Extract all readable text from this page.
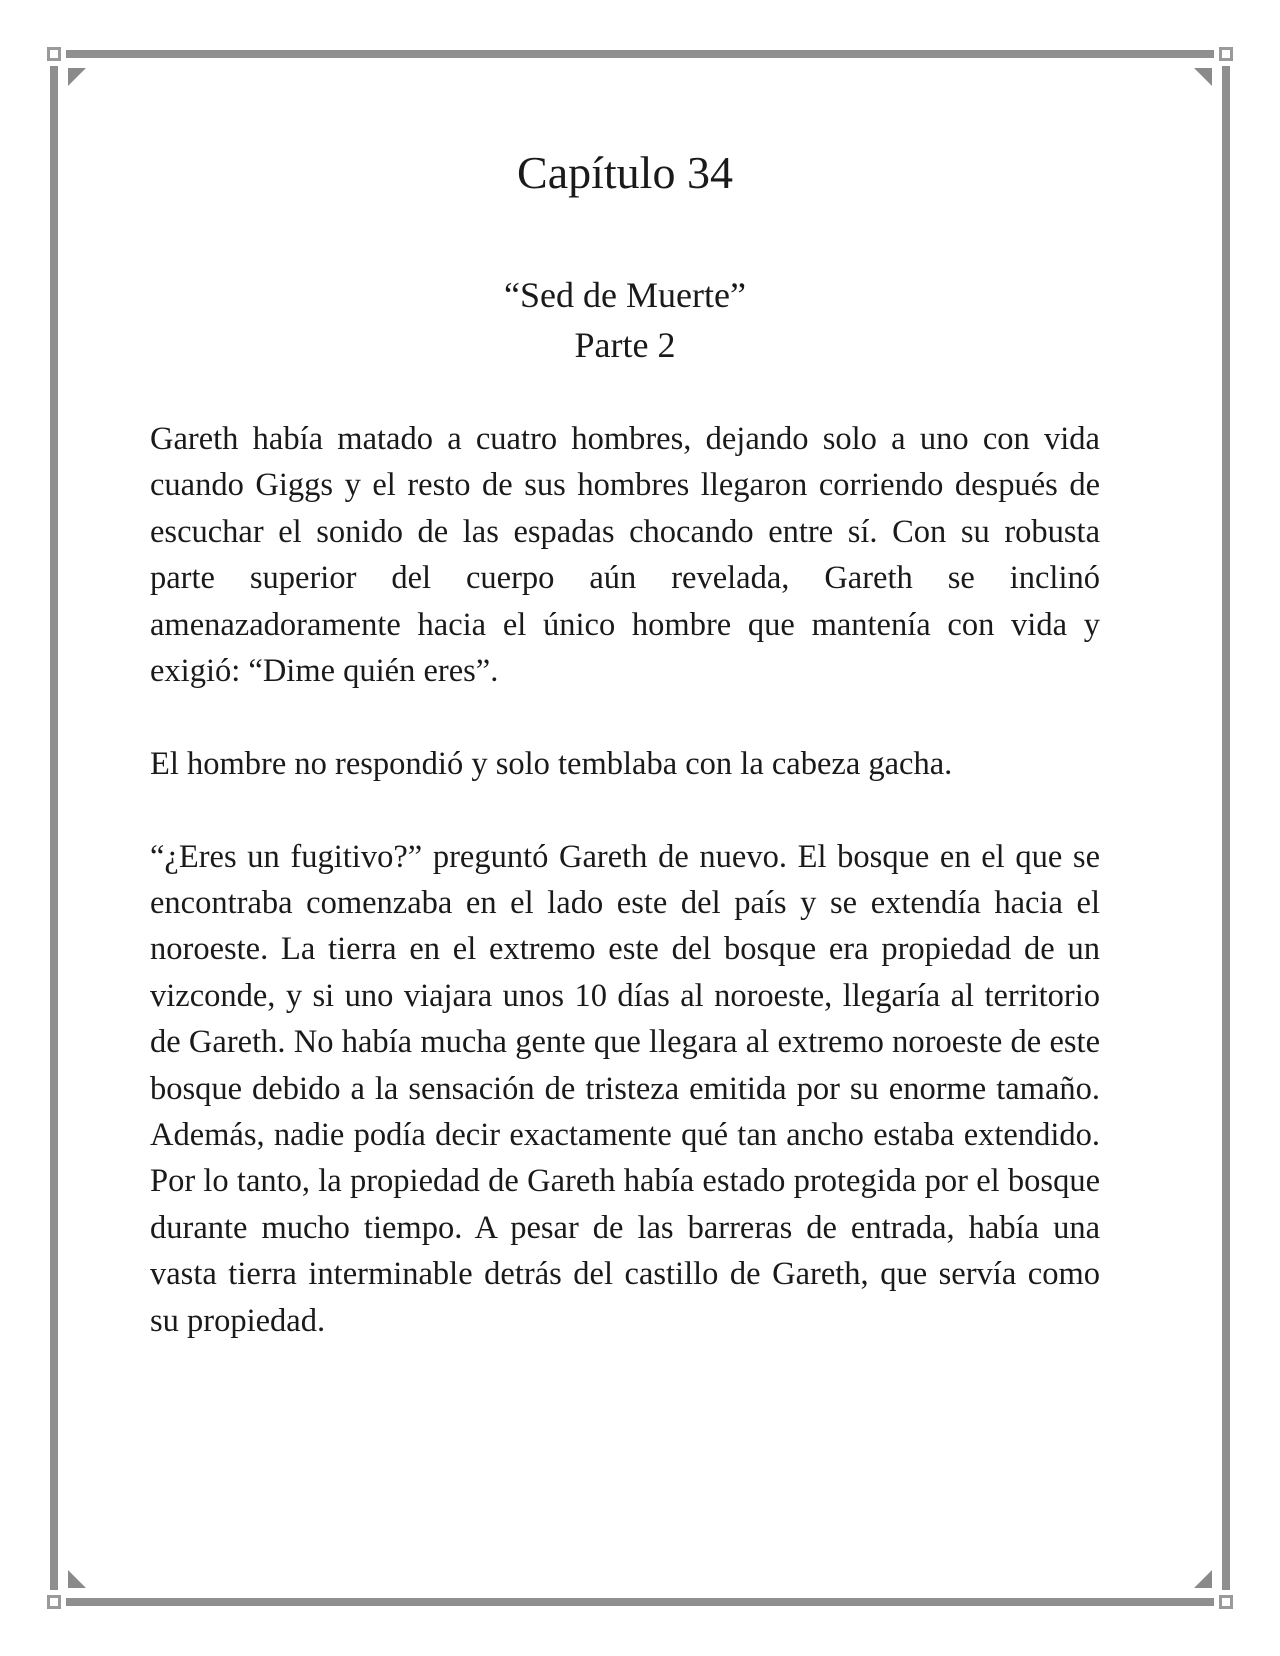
Capítulo 34
“Sed de Muerte”
Parte 2

Gareth había matado a cuatro hombres, dejando solo a uno con vida cuando Giggs y el resto de sus hombres llegaron corriendo después de escuchar el sonido de las espadas chocando entre sí. Con su robusta parte superior del cuerpo aún revelada, Gareth se inclinó amenazadoramente hacia el único hombre que mantenía con vida y exigió: “Dime quién eres”.

El hombre no respondió y solo temblaba con la cabeza gacha.

“¿Eres un fugitivo?” preguntó Gareth de nuevo. El bosque en el que se encontraba comenzaba en el lado este del país y se extendía hacia el noroeste. La tierra en el extremo este del bosque era propiedad de un vizconde, y si uno viajara unos 10 días al noroeste, llegaría al territorio de Gareth. No había mucha gente que llegara al extremo noroeste de este bosque debido a la sensación de tristeza emitida por su enorme tamaño. Además, nadie podía decir exactamente qué tan ancho estaba extendido. Por lo tanto, la propiedad de Gareth había estado protegida por el bosque durante mucho tiempo. A pesar de las barreras de entrada, había una vasta tierra interminable detrás del castillo de Gareth, que servía como su propiedad.
